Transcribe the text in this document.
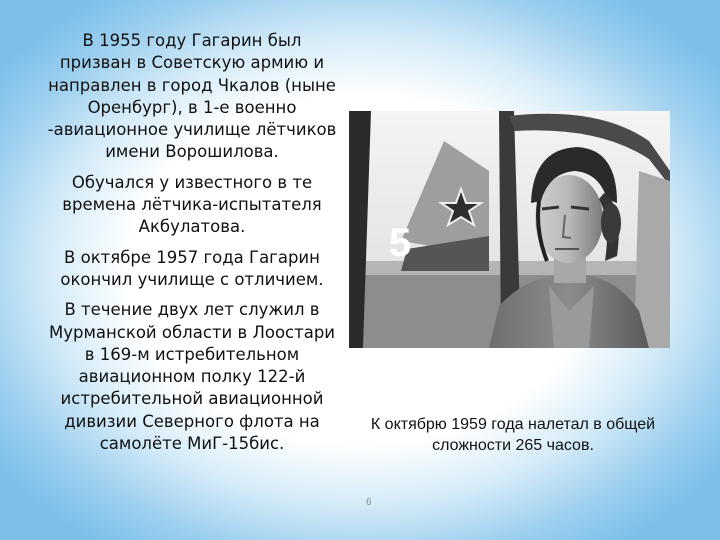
В 1955 году Гагарин был призван в Советскую армию и направлен в город Чкалов (ныне Оренбург), в 1-е военно -авиационное училище лётчиков имени Ворошилова.

Обучался у известного в те времена лётчика-испытателя Акбулатова.

В октябре 1957 года Гагарин окончил училище с отличием.

В течение двух лет служил в Мурманской области в Лоостари в 169-м истребительном авиационном полку 122-й истребительной авиационной дивизии Северного флота на самолёте МиГ-15бис.

5
К октябрю 1959 года налетал в общей сложности 265 часов.
6
